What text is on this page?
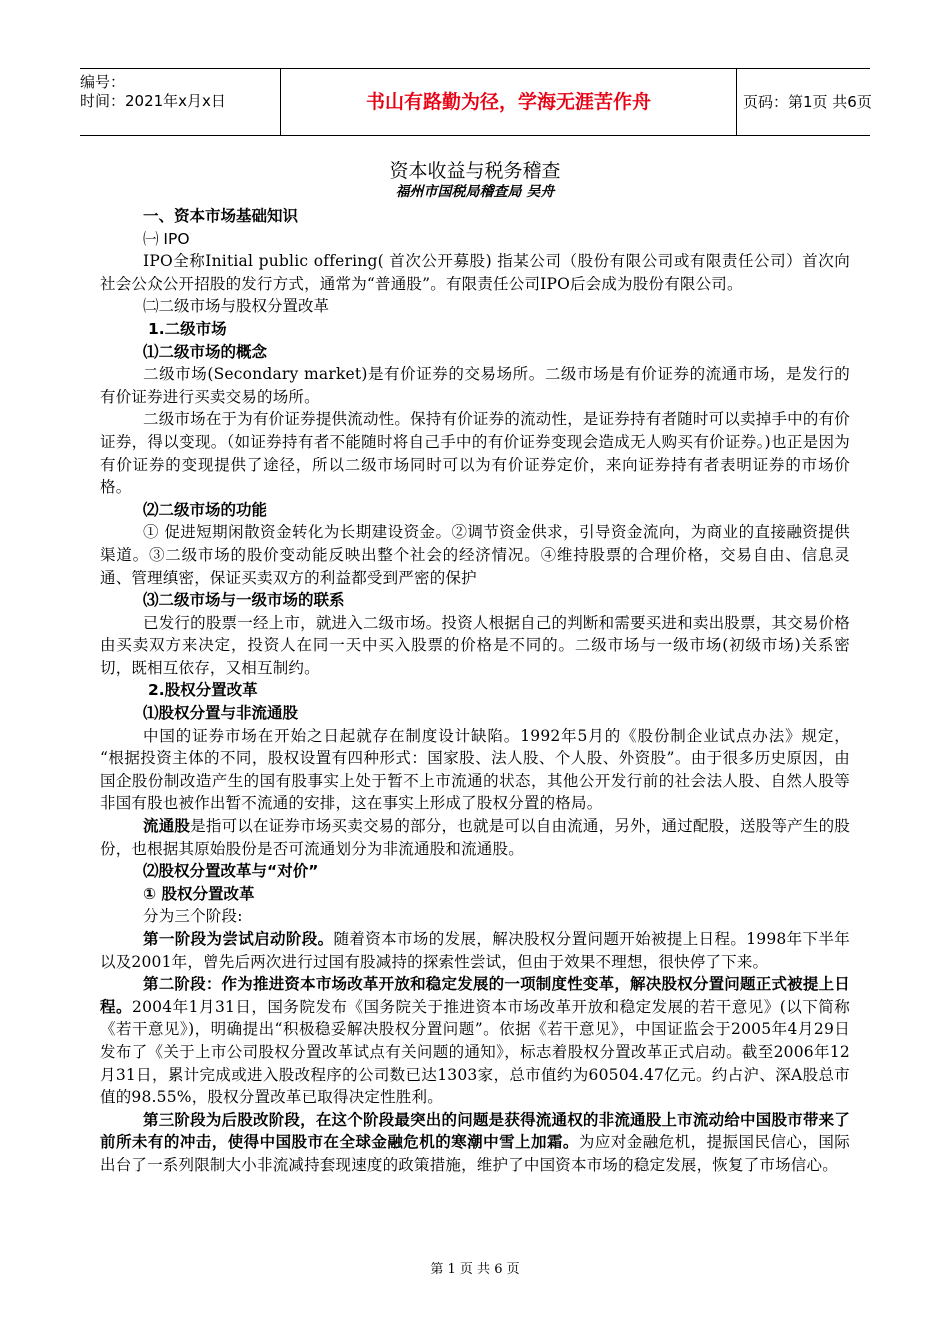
编号：
时间：2021年x月x日	书山有路勤为径，学海无涯苦作舟	页码：第1页 共6页

资本收益与税务稽查

福州市国税局稽查局 吴舟

一、资本市场基础知识

㈠ IPO

IPO全称Initial public offering( 首次公开募股) 指某公司（股份有限公司或有限责任公司）首次向社会公众公开招股的发行方式，通常为“普通股”。有限责任公司IPO后会成为股份有限公司。

㈡二级市场与股权分置改革

1.二级市场

⑴二级市场的概念

二级市场(Secondary market)是有价证券的交易场所。二级市场是有价证券的流通市场，是发行的有价证券进行买卖交易的场所。

二级市场在于为有价证券提供流动性。保持有价证券的流动性，是证券持有者随时可以卖掉手中的有价证券，得以变现。（如证券持有者不能随时将自己手中的有价证券变现会造成无人购买有价证券。)也正是因为有价证券的变现提供了途径，所以二级市场同时可以为有价证券定价，来向证券持有者表明证券的市场价格。

⑵二级市场的功能

① 促进短期闲散资金转化为长期建设资金。②调节资金供求，引导资金流向，为商业的直接融资提供渠道。③二级市场的股价变动能反映出整个社会的经济情况。④维持股票的合理价格，交易自由、信息灵通、管理缜密，保证买卖双方的利益都受到严密的保护

⑶二级市场与一级市场的联系

已发行的股票一经上市，就进入二级市场。投资人根据自己的判断和需要买进和卖出股票，其交易价格由买卖双方来决定，投资人在同一天中买入股票的价格是不同的。二级市场与一级市场(初级市场)关系密切，既相互依存，又相互制约。

2.股权分置改革

⑴股权分置与非流通股

中国的证券市场在开始之日起就存在制度设计缺陷。1992年5月的《股份制企业试点办法》规定， “根据投资主体的不同，股权设置有四种形式：国家股、法人股、个人股、外资股”。由于很多历史原因，由国企股份制改造产生的国有股事实上处于暂不上市流通的状态，其他公开发行前的社会法人股、自然人股等非国有股也被作出暂不流通的安排，这在事实上形成了股权分置的格局。

流通股是指可以在证券市场买卖交易的部分，也就是可以自由流通，另外，通过配股，送股等产生的股份，也根据其原始股份是否可流通划分为非流通股和流通股。

⑵股权分置改革与“对价”

① 股权分置改革

分为三个阶段:

第一阶段为尝试启动阶段。随着资本市场的发展，解决股权分置问题开始被提上日程。1998年下半年以及2001年，曾先后两次进行过国有股减持的探索性尝试，但由于效果不理想，很快停了下来。

第二阶段：作为推进资本市场改革开放和稳定发展的一项制度性变革，解决股权分置问题正式被提上日程。2004年1月31日，国务院发布《国务院关于推进资本市场改革开放和稳定发展的若干意见》(以下简称《若干意见》)，明确提出“积极稳妥解决股权分置问题”。依据《若干意见》，中国证监会于2005年4月29日发布了《关于上市公司股权分置改革试点有关问题的通知》，标志着股权分置改革正式启动。截至2006年12月31日，累计完成或进入股改程序的公司数已达1303家，总市值约为60504.47亿元。约占沪、深A股总市值的98.55%，股权分置改革已取得决定性胜利。

第三阶段为后股改阶段，在这个阶段最突出的问题是获得流通权的非流通股上市流动给中国股市带来了前所未有的冲击，使得中国股市在全球金融危机的寒潮中雪上加霜。为应对金融危机，提振国民信心，国际出台了一系列限制大小非流减持套现速度的政策措施，维护了中国资本市场的稳定发展，恢复了市场信心。

第 1 页 共 6 页
